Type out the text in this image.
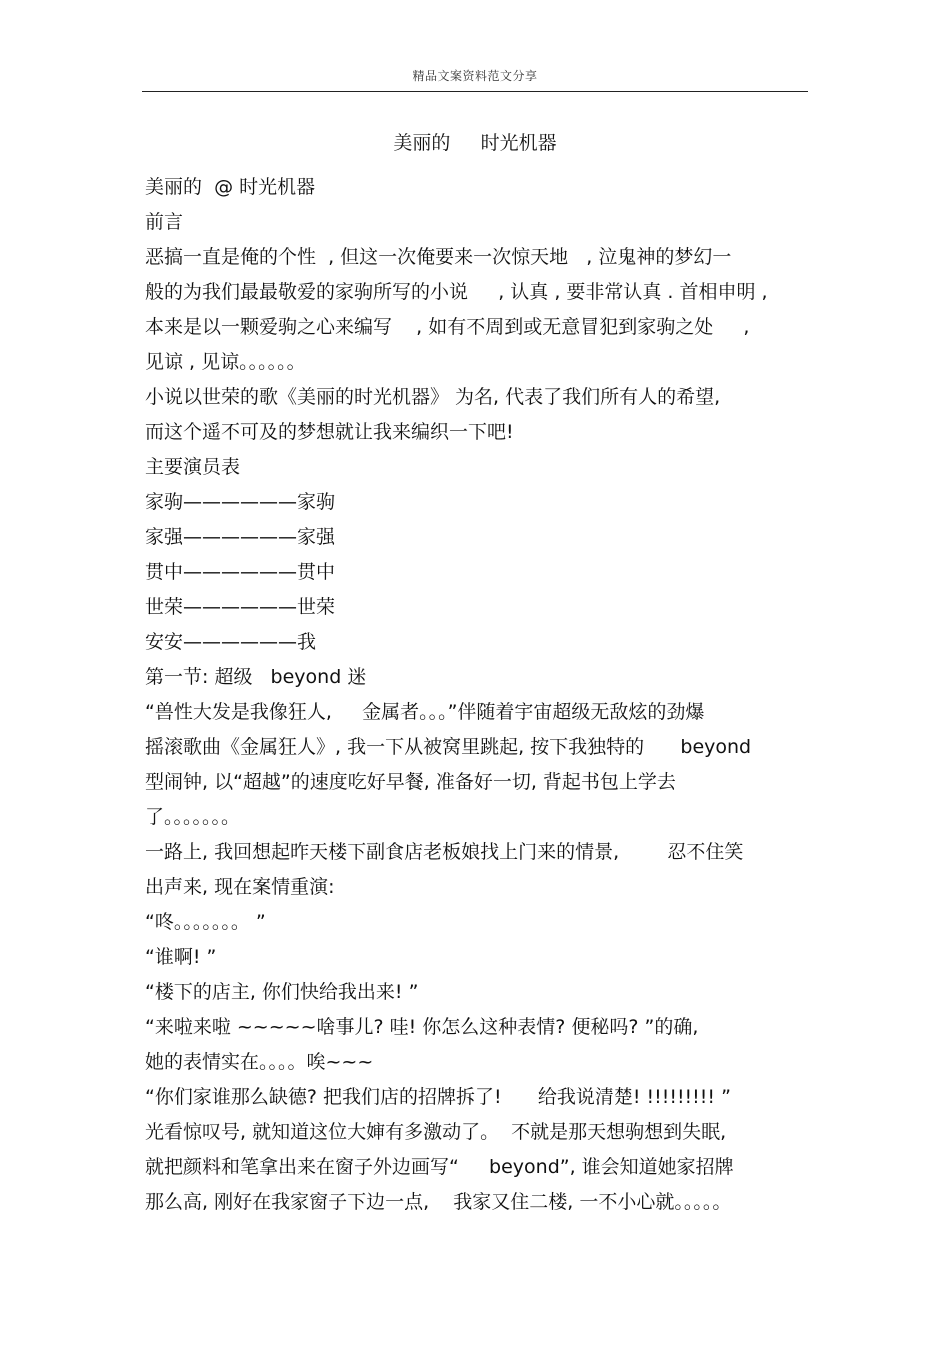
精品文案资料范文分享
美丽的     时光机器
美丽的  @ 时光机器
前言
恶搞一直是俺的个性  , 但这一次俺要来一次惊天地   , 泣鬼神的梦幻一
般的为我们最最敬爱的家驹所写的小说     , 认真 , 要非常认真 . 首相申明 ,
本来是以一颗爱驹之心来编写    , 如有不周到或无意冒犯到家驹之处     ,
见谅 , 见谅。。。。。。
小说以世荣的歌《美丽的时光机器》 为名, 代表了我们所有人的希望,
而这个遥不可及的梦想就让我来编织一下吧!
主要演员表
家驹——————家驹
家强——————家强
贯中——————贯中
世荣——————世荣
安安——————我
第一节: 超级   beyond 迷
“兽性大发是我像狂人,     金属者。。。”伴随着宇宙超级无敌炫的劲爆
摇滚歌曲《金属狂人》, 我一下从被窝里跳起, 按下我独特的      beyond
型闹钟, 以“超越”的速度吃好早餐, 准备好一切, 背起书包上学去
了。。。。。。。
一路上, 我回想起昨天楼下副食店老板娘找上门来的情景,        忍不住笑
出声来, 现在案情重演:
“咚。。。。。。。 ”
“谁啊! ”
“楼下的店主, 你们快给我出来! ”
“来啦来啦 ~~~~~啥事儿? 哇! 你怎么这种表情? 便秘吗? ”的确,
她的表情实在。。。。唉~~~
“你们家谁那么缺德? 把我们店的招牌拆了!      给我说清楚! !!!!!!!!! ”
光看惊叹号, 就知道这位大婶有多激动了。  不就是那天想驹想到失眠,
就把颜料和笔拿出来在窗子外边画写“     beyond”, 谁会知道她家招牌
那么高, 刚好在我家窗子下边一点,    我家又住二楼, 一不小心就。。。。。
